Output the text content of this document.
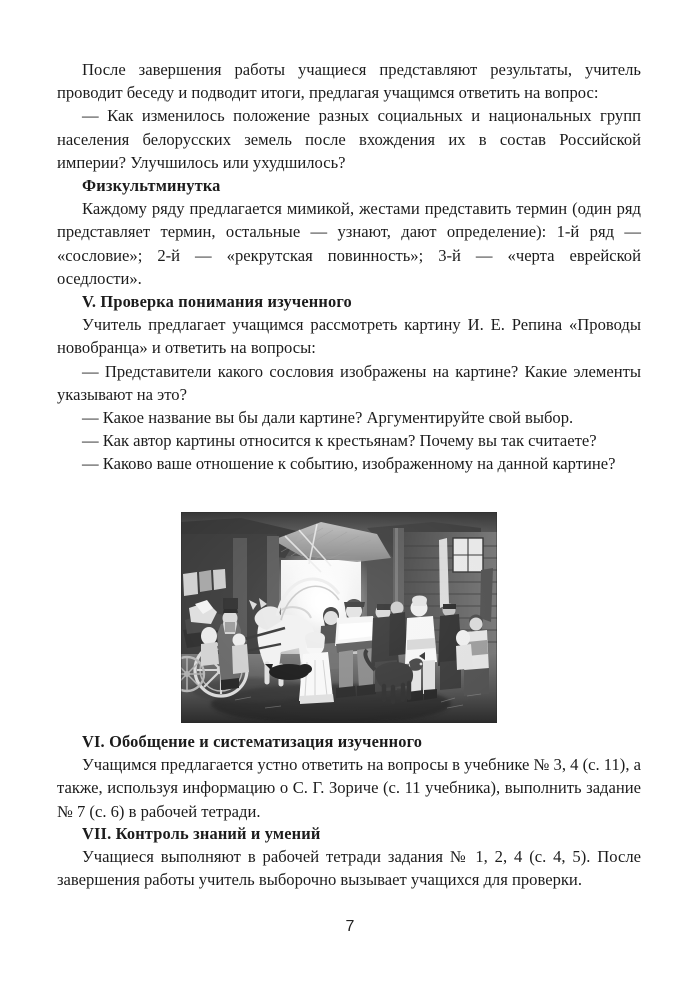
После завершения работы учащиеся представляют результаты, учитель проводит беседу и подводит итоги, предлагая учащимся ответить на вопрос:

— Как изменилось положение разных социальных и национальных групп населения белорусских земель после вхождения их в состав Российской империи? Улучшилось или ухудшилось?

Физкультминутка

Каждому ряду предлагается мимикой, жестами представить термин (один ряд представляет термин, остальные — узнают, дают определение): 1-й ряд — «сословие»; 2-й — «рекрутская повинность»; 3-й — «черта еврейской оседлости».

V. Проверка понимания изученного

Учитель предлагает учащимся рассмотреть картину И. Е. Репина «Проводы новобранца» и ответить на вопросы:

— Представители какого сословия изображены на картине? Какие элементы указывают на это?

— Какое название вы бы дали картине? Аргументируйте свой выбор.

— Как автор картины относится к крестьянам? Почему вы так считаете?

— Каково ваше отношение к событию, изображенному на данной картине?

VI. Обобщение и систематизация изученного

Учащимся предлагается устно ответить на вопросы в учебнике № 3, 4 (с. 11), а также, используя информацию о С. Г. Зориче (с. 11 учебника), выполнить задание № 7 (с. 6) в рабочей тетради.

VII. Контроль знаний и умений

Учащиеся выполняют в рабочей тетради задания № 1, 2, 4 (с. 4, 5). После завершения работы учитель выборочно вызывает учащихся для проверки.

7
